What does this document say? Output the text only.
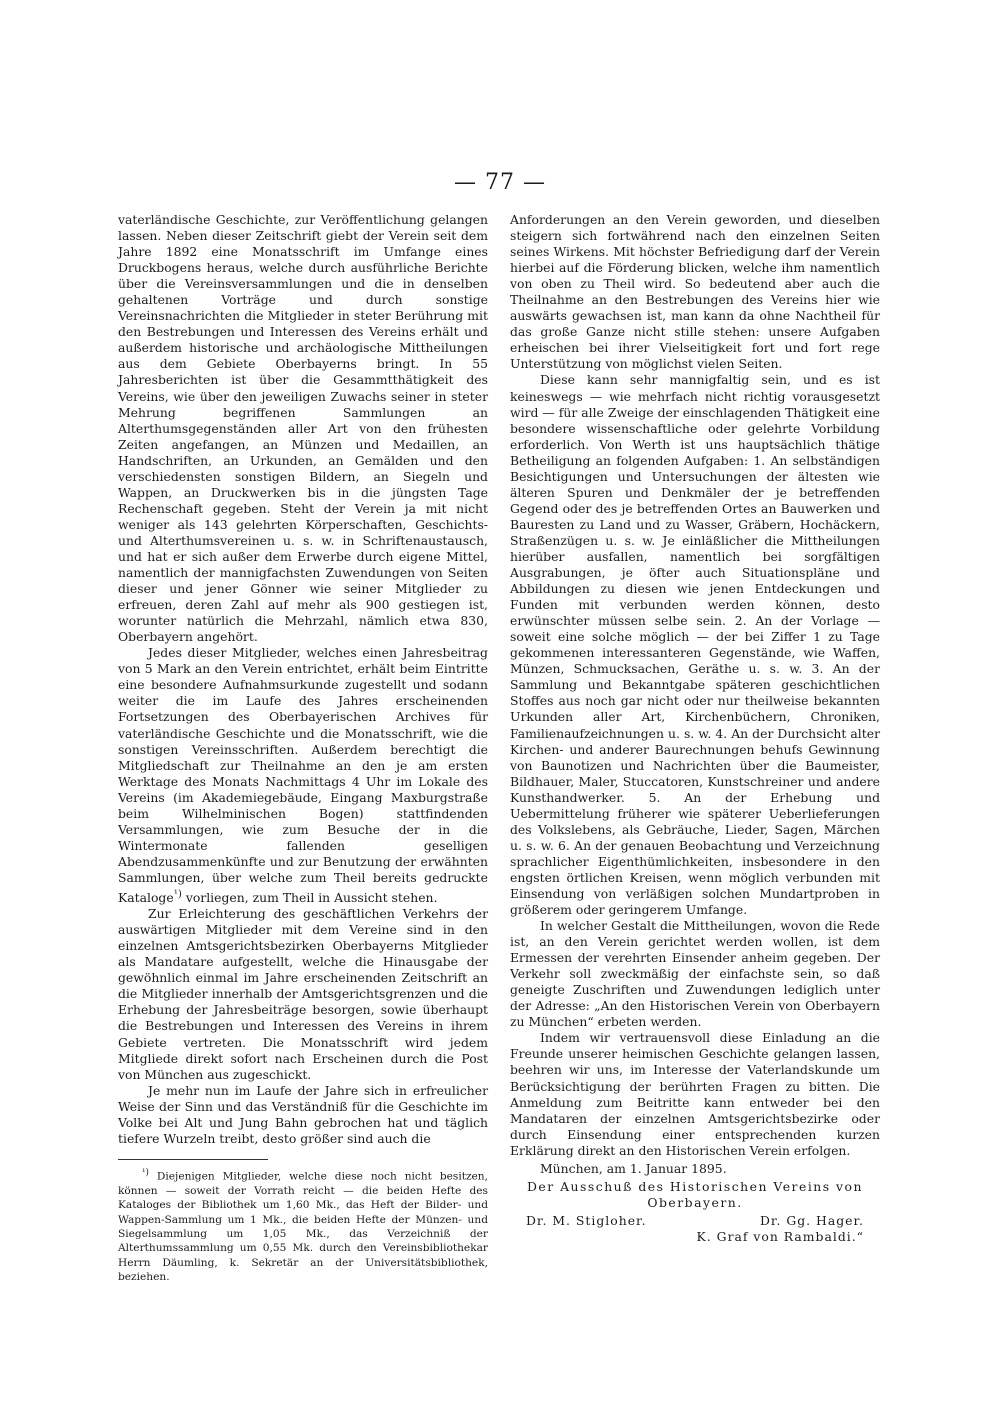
— 77 —

vaterländische Geschichte, zur Veröffentlichung gelangen lassen. Neben dieser Zeitschrift giebt der Verein seit dem Jahre 1892 eine Monatsschrift im Umfange eines Druckbogens heraus, welche durch ausführliche Berichte über die Vereinsversammlungen und die in denselben gehaltenen Vorträge und durch sonstige Vereinsnachrichten die Mitglieder in steter Berührung mit den Bestrebungen und Interessen des Vereins erhält und außerdem historische und archäologische Mittheilungen aus dem Gebiete Oberbayerns bringt. In 55 Jahresberichten ist über die Gesammtthätigkeit des Vereins, wie über den jeweiligen Zuwachs seiner in steter Mehrung begriffenen Sammlungen an Alterthumsgegenständen aller Art von den frühesten Zeiten angefangen, an Münzen und Medaillen, an Handschriften, an Urkunden, an Gemälden und den verschiedensten sonstigen Bildern, an Siegeln und Wappen, an Druckwerken bis in die jüngsten Tage Rechenschaft gegeben. Steht der Verein ja mit nicht weniger als 143 gelehrten Körperschaften, Geschichts- und Alterthumsvereinen u. s. w. in Schriftenaustausch, und hat er sich außer dem Erwerbe durch eigene Mittel, namentlich der mannigfachsten Zuwendungen von Seiten dieser und jener Gönner wie seiner Mitglieder zu erfreuen, deren Zahl auf mehr als 900 gestiegen ist, worunter natürlich die Mehrzahl, nämlich etwa 830, Oberbayern angehört.

Jedes dieser Mitglieder, welches einen Jahresbeitrag von 5 Mark an den Verein entrichtet, erhält beim Eintritte eine besondere Aufnahmsurkunde zugestellt und sodann weiter die im Laufe des Jahres erscheinenden Fortsetzungen des Oberbayerischen Archives für vaterländische Geschichte und die Monatsschrift, wie die sonstigen Vereinsschriften. Außerdem berechtigt die Mitgliedschaft zur Theilnahme an den je am ersten Werktage des Monats Nachmittags 4 Uhr im Lokale des Vereins (im Akademiegebäude, Eingang Maxburgstraße beim Wilhelminischen Bogen) stattfindenden Versammlungen, wie zum Besuche der in die Wintermonate fallenden geselligen Abendzusammenkünfte und zur Benutzung der erwähnten Sammlungen, über welche zum Theil bereits gedruckte Kataloge$^{^1)}$ vorliegen, zum Theil in Aussicht stehen.

Zur Erleichterung des geschäftlichen Verkehrs der auswärtigen Mitglieder mit dem Vereine sind in den einzelnen Amtsgerichtsbezirken Oberbayerns Mitglieder als Mandatare aufgestellt, welche die Hinausgabe der gewöhnlich einmal im Jahre erscheinenden Zeitschrift an die Mitglieder innerhalb der Amtsgerichtsgrenzen und die Erhebung der Jahresbeiträge besorgen, sowie überhaupt die Bestrebungen und Interessen des Vereins in ihrem Gebiete vertreten. Die Monatsschrift wird jedem Mitgliede direkt sofort nach Erscheinen durch die Post von München aus zugeschickt.

Je mehr nun im Laufe der Jahre sich in erfreulicher Weise der Sinn und das Verständniß für die Geschichte im Volke bei Alt und Jung Bahn gebrochen hat und täglich tiefere Wurzeln treibt, desto größer sind auch die

$^{^1)}$ Diejenigen Mitglieder, welche diese noch nicht besitzen, können — soweit der Vorrath reicht — die beiden Hefte des Kataloges der Bibliothek um 1,60 Mk., das Heft der Bilder- und Wappen-Sammlung um 1 Mk., die beiden Hefte der Münzen- und Siegelsammlung um 1,05 Mk., das Verzeichniß der Alterthumssammlung um 0,55 Mk. durch den Vereinsbibliothekar Herrn Däumling, k. Sekretär an der Universitätsbibliothek, beziehen.

Anforderungen an den Verein geworden, und dieselben steigern sich fortwährend nach den einzelnen Seiten seines Wirkens. Mit höchster Befriedigung darf der Verein hierbei auf die Förderung blicken, welche ihm namentlich von oben zu Theil wird. So bedeutend aber auch die Theilnahme an den Bestrebungen des Vereins hier wie auswärts gewachsen ist, man kann da ohne Nachtheil für das große Ganze nicht stille stehen: unsere Aufgaben erheischen bei ihrer Vielseitigkeit fort und fort rege Unterstützung von möglichst vielen Seiten.

Diese kann sehr mannigfaltig sein, und es ist keineswegs — wie mehrfach nicht richtig vorausgesetzt wird — für alle Zweige der einschlagenden Thätigkeit eine besondere wissenschaftliche oder gelehrte Vorbildung erforderlich. Von Werth ist uns hauptsächlich thätige Betheiligung an folgenden Aufgaben: 1. An selbständigen Besichtigungen und Untersuchungen der ältesten wie älteren Spuren und Denkmäler der je betreffenden Gegend oder des je betreffenden Ortes an Bauwerken und Bauresten zu Land und zu Wasser, Gräbern, Hochäckern, Straßenzügen u. s. w. Je einläßlicher die Mittheilungen hierüber ausfallen, namentlich bei sorgfältigen Ausgrabungen, je öfter auch Situationspläne und Abbildungen zu diesen wie jenen Entdeckungen und Funden mit verbunden werden können, desto erwünschter müssen selbe sein. 2. An der Vorlage — soweit eine solche möglich — der bei Ziffer 1 zu Tage gekommenen interessanteren Gegenstände, wie Waffen, Münzen, Schmucksachen, Geräthe u. s. w. 3. An der Sammlung und Bekanntgabe späteren geschichtlichen Stoffes aus noch gar nicht oder nur theilweise bekannten Urkunden aller Art, Kirchenbüchern, Chroniken, Familienaufzeichnungen u. s. w. 4. An der Durchsicht alter Kirchen- und anderer Baurechnungen behufs Gewinnung von Baunotizen und Nachrichten über die Baumeister, Bildhauer, Maler, Stuccatoren, Kunstschreiner und andere Kunsthandwerker. 5. An der Erhebung und Uebermittelung früherer wie späterer Ueberlieferungen des Volkslebens, als Gebräuche, Lieder, Sagen, Märchen u. s. w. 6. An der genauen Beobachtung und Verzeichnung sprachlicher Eigenthümlichkeiten, insbesondere in den engsten örtlichen Kreisen, wenn möglich verbunden mit Einsendung von verläßigen solchen Mundartproben in größerem oder geringerem Umfange.

In welcher Gestalt die Mittheilungen, wovon die Rede ist, an den Verein gerichtet werden wollen, ist dem Ermessen der verehrten Einsender anheim gegeben. Der Verkehr soll zweckmäßig der einfachste sein, so daß geneigte Zuschriften und Zuwendungen lediglich unter der Adresse: „An den Historischen Verein von Oberbayern zu München“ erbeten werden.

Indem wir vertrauensvoll diese Einladung an die Freunde unserer heimischen Geschichte gelangen lassen, beehren wir uns, im Interesse der Vaterlandskunde um Berücksichtigung der berührten Fragen zu bitten. Die Anmeldung zum Beitritte kann entweder bei den Mandataren der einzelnen Amtsgerichtsbezirke oder durch Einsendung einer entsprechenden kurzen Erklärung direkt an den Historischen Verein erfolgen.

München, am 1. Januar 1895.
Der Ausschuß des Historischen Vereins von Oberbayern.
Dr. M. Stigloher.	Dr. Gg. Hager.
K. Graf von Rambaldi.“
